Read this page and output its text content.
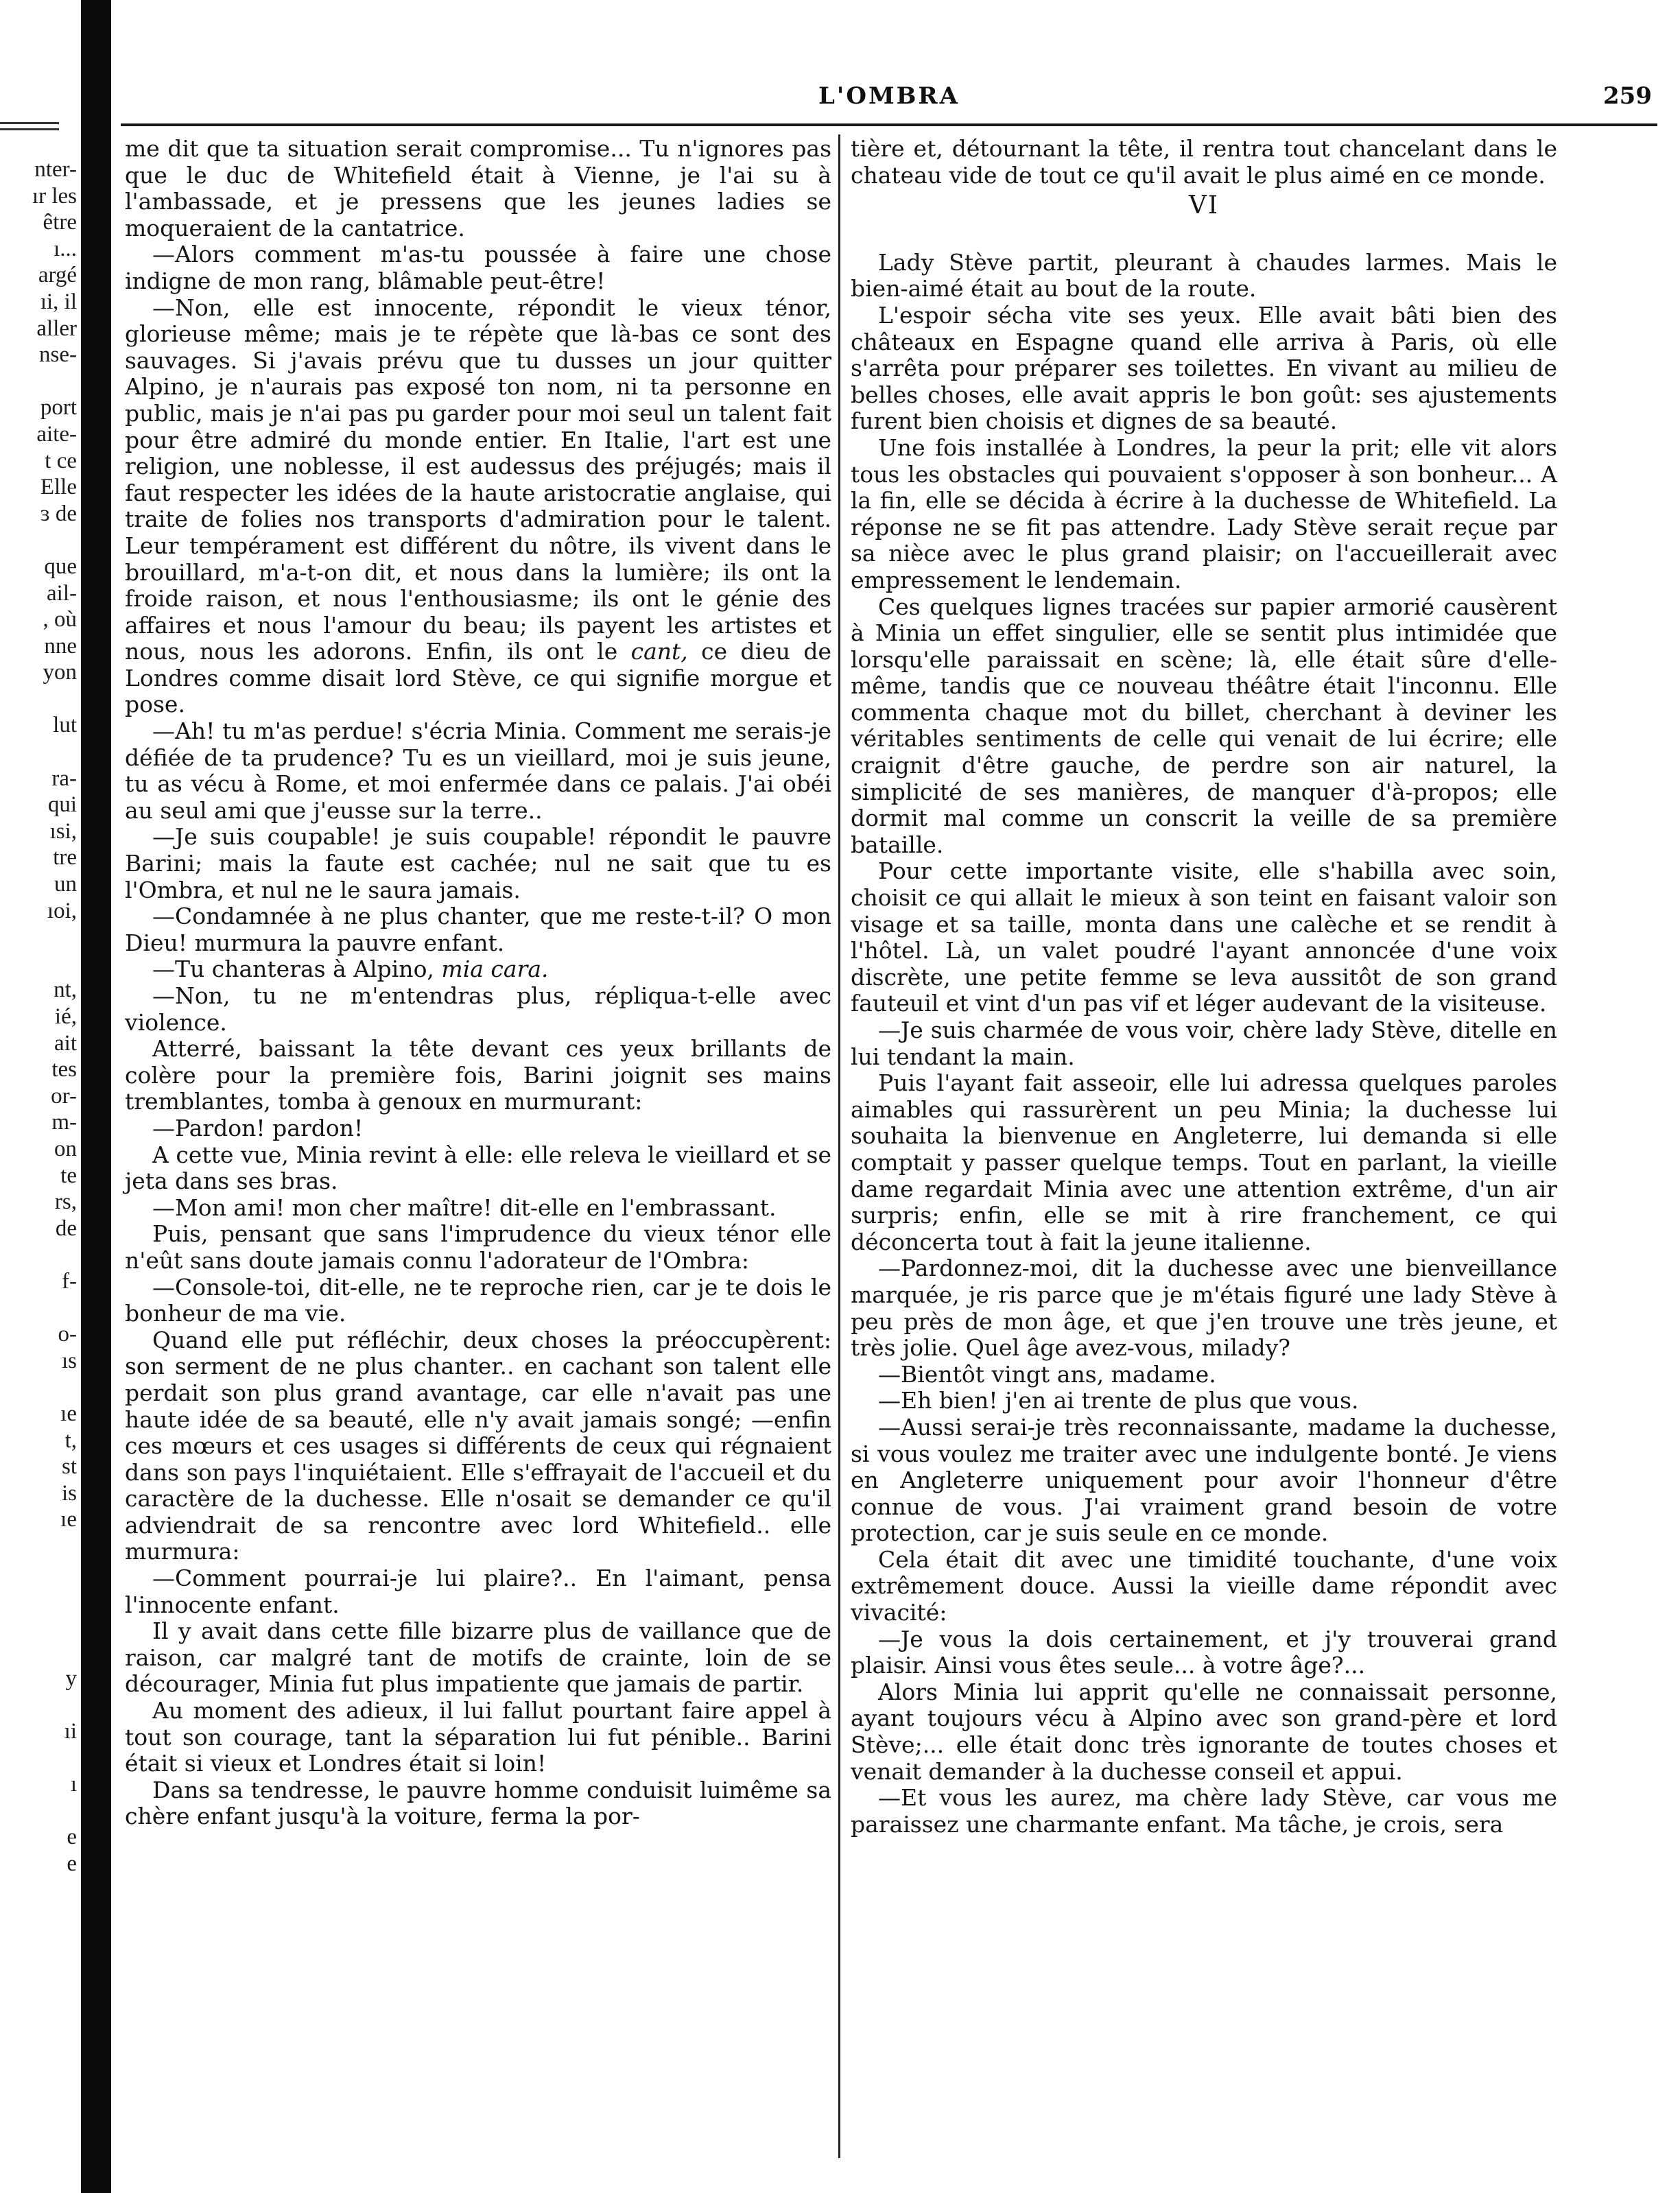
nter-
ır les
être
ı...
argé
ıi, il
aller
nse-
port
aite-
t ce
Elle
ɜ de
que
ail-
, où
nne
yon
lut
ra-
qui
ısi,
tre
un
ıoi,
nt,
ié,
ait
tes
or-
m-
on
te
rs,
de
f-
o-
ıs
ıe
t,
st
is
ıe
y
ıi
ı
e
e
L'OMBRA	259

me dit que ta situation serait compromise... Tu n'ignores pas que le duc de Whitefield était à Vienne, je l'ai su à l'ambassade, et je pressens que les jeunes ladies se moqueraient de la cantatrice.

—Alors comment m'as-tu poussée à faire une chose indigne de mon rang, blâmable peut-être!

—Non, elle est innocente, répondit le vieux ténor, glorieuse même; mais je te répète que là-bas ce sont des sauvages. Si j'avais prévu que tu dusses un jour quitter Alpino, je n'aurais pas exposé ton nom, ni ta personne en public, mais je n'ai pas pu garder pour moi seul un talent fait pour être admiré du monde entier. En Italie, l'art est une religion, une noblesse, il est audessus des préjugés; mais il faut respecter les idées de la haute aristocratie anglaise, qui traite de folies nos transports d'admiration pour le talent. Leur tempérament est différent du nôtre, ils vivent dans le brouillard, m'a-t-on dit, et nous dans la lumière; ils ont la froide raison, et nous l'enthousiasme; ils ont le génie des affaires et nous l'amour du beau; ils payent les artistes et nous, nous les adorons. Enfin, ils ont le cant, ce dieu de Londres comme disait lord Stève, ce qui signifie morgue et pose.

—Ah! tu m'as perdue! s'écria Minia. Comment me serais-je défiée de ta prudence? Tu es un vieillard, moi je suis jeune, tu as vécu à Rome, et moi enfermée dans ce palais. J'ai obéi au seul ami que j'eusse sur la terre..

—Je suis coupable! je suis coupable! répondit le pauvre Barini; mais la faute est cachée; nul ne sait que tu es l'Ombra, et nul ne le saura jamais.

—Condamnée à ne plus chanter, que me reste-t-il? O mon Dieu! murmura la pauvre enfant.

—Tu chanteras à Alpino, mia cara.

—Non, tu ne m'entendras plus, répliqua-t-elle avec violence.

Atterré, baissant la tête devant ces yeux brillants de colère pour la première fois, Barini joignit ses mains tremblantes, tomba à genoux en murmurant:

—Pardon! pardon!

A cette vue, Minia revint à elle: elle releva le vieillard et se jeta dans ses bras.

—Mon ami! mon cher maître! dit-elle en l'embrassant.

Puis, pensant que sans l'imprudence du vieux ténor elle n'eût sans doute jamais connu l'adorateur de l'Ombra:

—Console-toi, dit-elle, ne te reproche rien, car je te dois le bonheur de ma vie.

Quand elle put réfléchir, deux choses la préoccupèrent: son serment de ne plus chanter.. en cachant son talent elle perdait son plus grand avantage, car elle n'avait pas une haute idée de sa beauté, elle n'y avait jamais songé; —enfin ces mœurs et ces usages si différents de ceux qui régnaient dans son pays l'inquiétaient. Elle s'effrayait de l'accueil et du caractère de la duchesse. Elle n'osait se demander ce qu'il adviendrait de sa rencontre avec lord Whitefield.. elle murmura:

—Comment pourrai-je lui plaire?.. En l'aimant, pensa l'innocente enfant.

Il y avait dans cette fille bizarre plus de vaillance que de raison, car malgré tant de motifs de crainte, loin de se décourager, Minia fut plus impatiente que jamais de partir.

Au moment des adieux, il lui fallut pourtant faire appel à tout son courage, tant la séparation lui fut pénible.. Barini était si vieux et Londres était si loin!

Dans sa tendresse, le pauvre homme conduisit luimême sa chère enfant jusqu'à la voiture, ferma la por-

tière et, détournant la tête, il rentra tout chancelant dans le chateau vide de tout ce qu'il avait le plus aimé en ce monde.

VI

Lady Stève partit, pleurant à chaudes larmes. Mais le bien-aimé était au bout de la route.

L'espoir sécha vite ses yeux. Elle avait bâti bien des châteaux en Espagne quand elle arriva à Paris, où elle s'arrêta pour préparer ses toilettes. En vivant au milieu de belles choses, elle avait appris le bon goût: ses ajustements furent bien choisis et dignes de sa beauté.

Une fois installée à Londres, la peur la prit; elle vit alors tous les obstacles qui pouvaient s'opposer à son bonheur... A la fin, elle se décida à écrire à la duchesse de Whitefield. La réponse ne se fit pas attendre. Lady Stève serait reçue par sa nièce avec le plus grand plaisir; on l'accueillerait avec empressement le lendemain.

Ces quelques lignes tracées sur papier armorié causèrent à Minia un effet singulier, elle se sentit plus intimidée que lorsqu'elle paraissait en scène; là, elle était sûre d'elle-même, tandis que ce nouveau théâtre était l'inconnu. Elle commenta chaque mot du billet, cherchant à deviner les véritables sentiments de celle qui venait de lui écrire; elle craignit d'être gauche, de perdre son air naturel, la simplicité de ses manières, de manquer d'à-propos; elle dormit mal comme un conscrit la veille de sa première bataille.

Pour cette importante visite, elle s'habilla avec soin, choisit ce qui allait le mieux à son teint en faisant valoir son visage et sa taille, monta dans une calèche et se rendit à l'hôtel. Là, un valet poudré l'ayant annoncée d'une voix discrète, une petite femme se leva aussitôt de son grand fauteuil et vint d'un pas vif et léger audevant de la visiteuse.

—Je suis charmée de vous voir, chère lady Stève, ditelle en lui tendant la main.

Puis l'ayant fait asseoir, elle lui adressa quelques paroles aimables qui rassurèrent un peu Minia; la duchesse lui souhaita la bienvenue en Angleterre, lui demanda si elle comptait y passer quelque temps. Tout en parlant, la vieille dame regardait Minia avec une attention extrême, d'un air surpris; enfin, elle se mit à rire franchement, ce qui déconcerta tout à fait la jeune italienne.

—Pardonnez-moi, dit la duchesse avec une bienveillance marquée, je ris parce que je m'étais figuré une lady Stève à peu près de mon âge, et que j'en trouve une très jeune, et très jolie. Quel âge avez-vous, milady?

—Bientôt vingt ans, madame.

—Eh bien! j'en ai trente de plus que vous.

—Aussi serai-je très reconnaissante, madame la duchesse, si vous voulez me traiter avec une indulgente bonté. Je viens en Angleterre uniquement pour avoir l'honneur d'être connue de vous. J'ai vraiment grand besoin de votre protection, car je suis seule en ce monde.

Cela était dit avec une timidité touchante, d'une voix extrêmement douce. Aussi la vieille dame répondit avec vivacité:

—Je vous la dois certainement, et j'y trouverai grand plaisir. Ainsi vous êtes seule... à votre âge?...

Alors Minia lui apprit qu'elle ne connaissait personne, ayant toujours vécu à Alpino avec son grand-père et lord Stève;... elle était donc très ignorante de toutes choses et venait demander à la duchesse conseil et appui.

—Et vous les aurez, ma chère lady Stève, car vous me paraissez une charmante enfant. Ma tâche, je crois, sera
